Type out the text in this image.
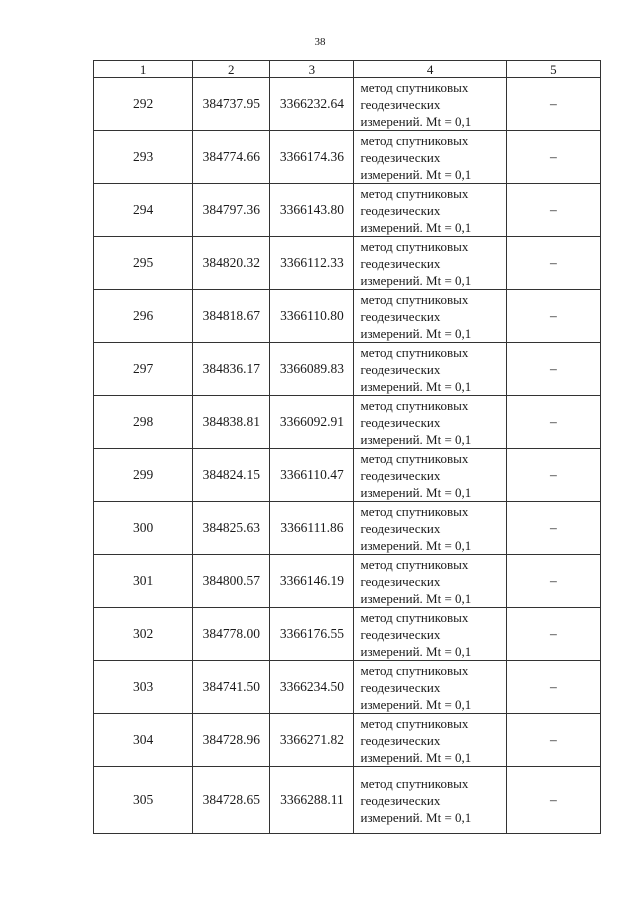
38
1	2	3	4	5
292	384737.95	3366232.64	метод спутниковых
геодезических
измерений. Mt = 0,1	–
293	384774.66	3366174.36	метод спутниковых
геодезических
измерений. Mt = 0,1	–
294	384797.36	3366143.80	метод спутниковых
геодезических
измерений. Mt = 0,1	–
295	384820.32	3366112.33	метод спутниковых
геодезических
измерений. Mt = 0,1	–
296	384818.67	3366110.80	метод спутниковых
геодезических
измерений. Mt = 0,1	–
297	384836.17	3366089.83	метод спутниковых
геодезических
измерений. Mt = 0,1	–
298	384838.81	3366092.91	метод спутниковых
геодезических
измерений. Mt = 0,1	–
299	384824.15	3366110.47	метод спутниковых
геодезических
измерений. Mt = 0,1	–
300	384825.63	3366111.86	метод спутниковых
геодезических
измерений. Mt = 0,1	–
301	384800.57	3366146.19	метод спутниковых
геодезических
измерений. Mt = 0,1	–
302	384778.00	3366176.55	метод спутниковых
геодезических
измерений. Mt = 0,1	–
303	384741.50	3366234.50	метод спутниковых
геодезических
измерений. Mt = 0,1	–
304	384728.96	3366271.82	метод спутниковых
геодезических
измерений. Mt = 0,1	–
305	384728.65	3366288.11	метод спутниковых
геодезических
измерений. Mt = 0,1	–
